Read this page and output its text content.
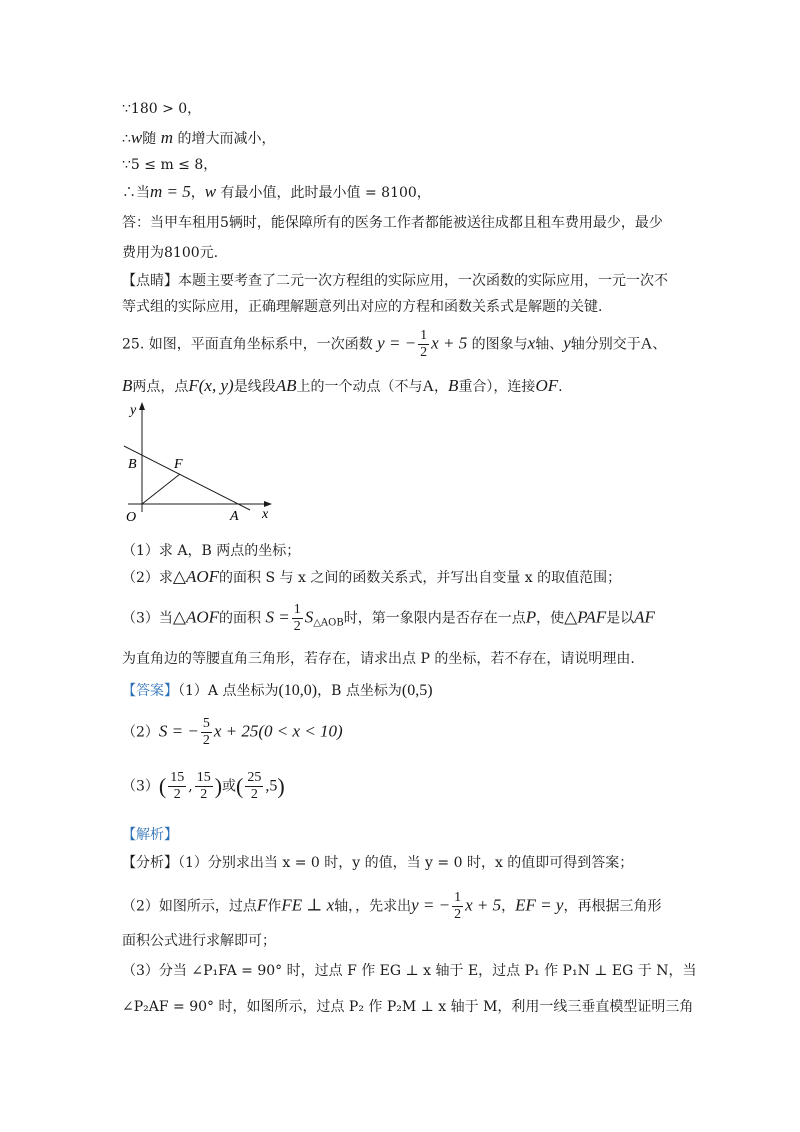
∵180 > 0，
∴w随 m 的增大而减小，
∵5 ≤ m ≤ 8，
∴当m = 5，w 有最小值，此时最小值 = 8100，
答：当甲车租用5辆时，能保障所有的医务工作者都能被送往成都且租车费用最少，最少
费用为8100元.
【点睛】本题主要考查了二元一次方程组的实际应用，一次函数的实际应用，一元一次不
等式组的实际应用，正确理解题意列出对应的方程和函数关系式是解题的关键.
25. 如图，平面直角坐标系中，一次函数 y = − $\frac{1}{2}$ x + 5 的图象与x轴、y轴分别交于A、
B两点，点F(x, y)是线段AB上的一个动点（不与A，B重合），连接OF.
y
x
O	A
B	F
（1）求 A，B 两点的坐标；
（2）求△AOF的面积 S 与 x 之间的函数关系式，并写出自变量 x 的取值范围；
（3）当△AOF的面积 $S = \frac{1}{2} S_{\triangle AOB}$时，第一象限内是否存在一点P，使△PAF是以AF
为直角边的等腰直角三角形，若存在，请求出点 P 的坐标，若不存在，请说明理由.
【答案】（1）A 点坐标为(10,0)，B 点坐标为(0,5)
（2）S = − $\frac{5}{2}$ x + 25(0 < x < 10)
$(3)( \frac{15}{2}$ , $\frac{15}{2}$ )或( $\frac{25}{2} ,5$)
【解析】
【分析】（1）分别求出当 x = 0 时，y 的值，当 y = 0 时，x 的值即可得到答案；
（2）如图所示，过点F作FE ⊥ x轴，，先求出y = − $\frac{1}{2}$ x + 5，EF = y，再根据三角形
面积公式进行求解即可；
（3）分当 ∠P₁FA = 90° 时，过点 F 作 EG ⊥ x 轴于 E，过点 P₁ 作 P₁N ⊥ EG 于 N，当
∠P₂AF = 90° 时，如图所示，过点 P₂ 作 P₂M ⊥ x 轴于 M，利用一线三垂直模型证明三角
